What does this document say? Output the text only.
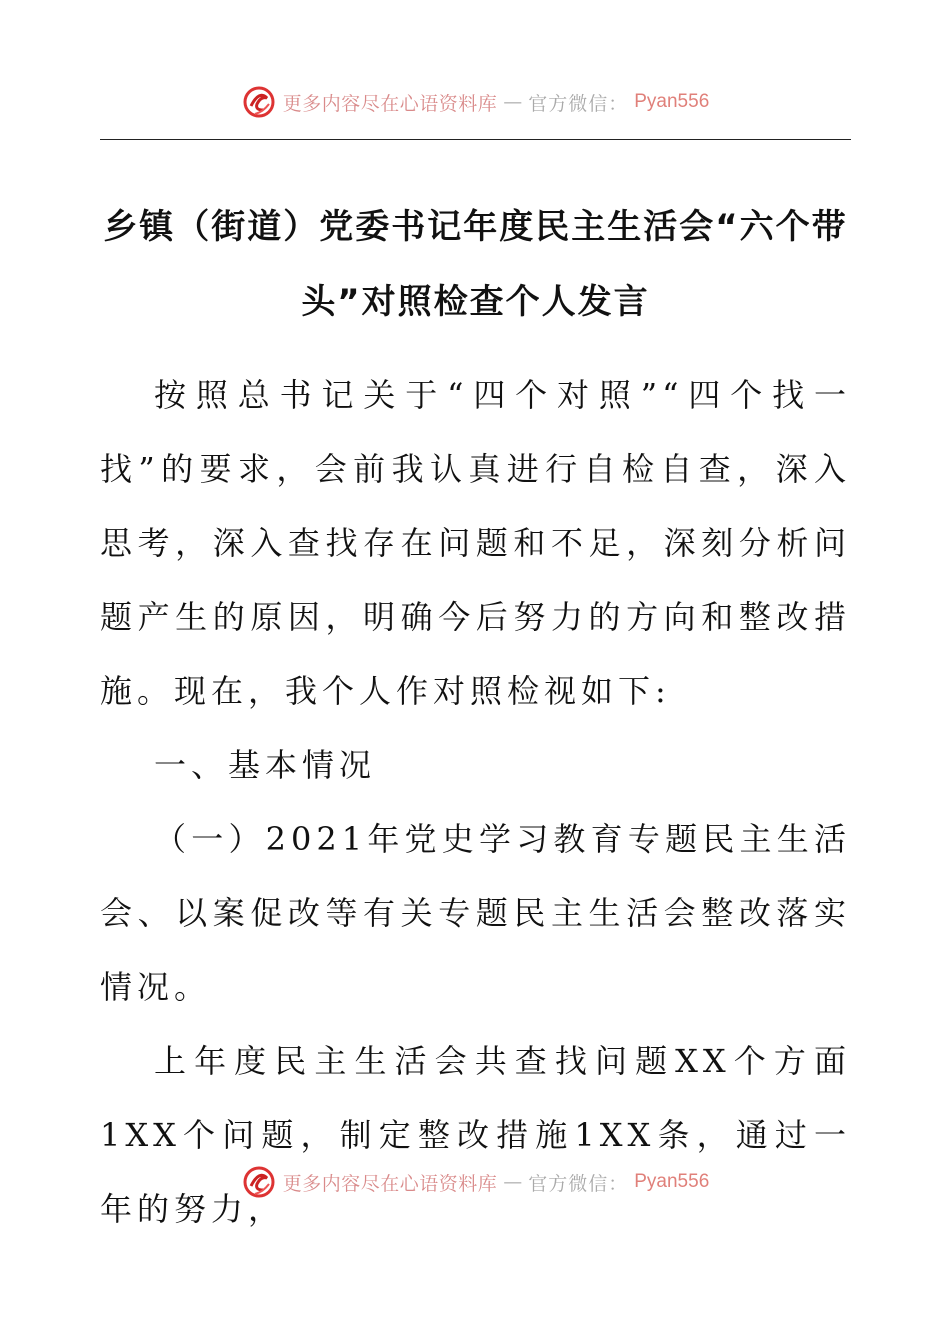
更多内容尽在心语资料库 — 官方微信： Pyan556
乡镇（街道）党委书记年度民主生活会“六个带头”对照检查个人发言

按照总书记关于“四个对照”“四个找一找”的要求，会前我认真进行自检自查，深入思考，深入查找存在问题和不足，深刻分析问题产生的原因，明确今后努力的方向和整改措施。现在，我个人作对照检视如下:

一、基本情况

（一）2021年党史学习教育专题民主生活会、以案促改等有关专题民主生活会整改落实情况。

上年度民主生活会共查找问题XX个方面1XX个问题，制定整改措施1XX条，通过一年的努力，

更多内容尽在心语资料库 — 官方微信： Pyan556
